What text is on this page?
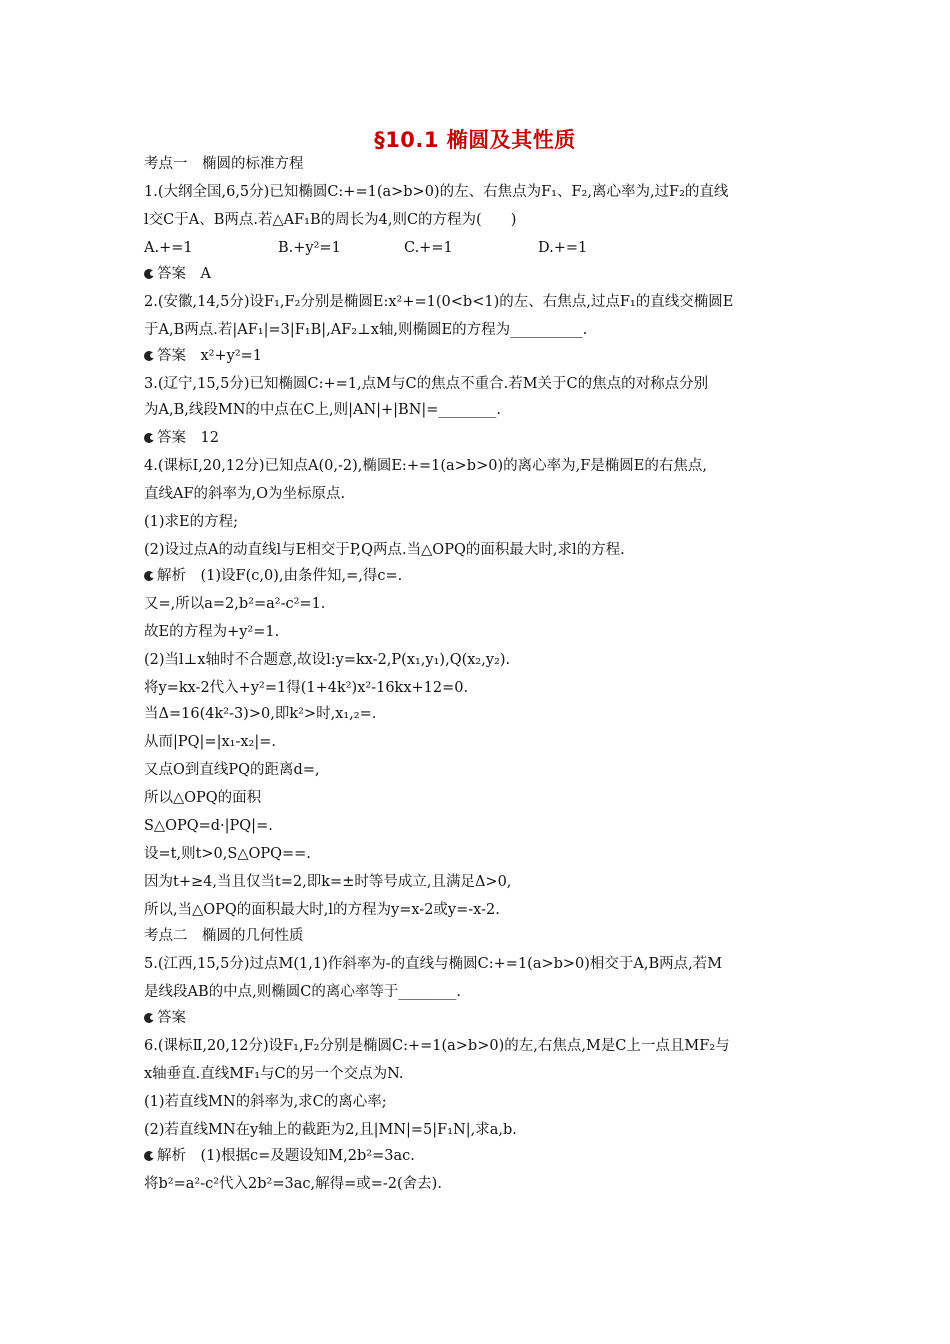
§10.1 椭圆及其性质
考点一　椭圆的标准方程
1.(大纲全国,6,5分)已知椭圆C:+=1(a>b>0)的左、右焦点为F₁、F₂,离心率为,过F₂的直线
l交C于A、B两点.若△AF₁B的周长为4,则C的方程为(　　)
A.+=1	B.+y²=1	C.+=1	D.+=1
答案　A
2.(安徽,14,5分)设F₁,F₂分别是椭圆E:x²+=1(0<b<1)的左、右焦点,过点F₁的直线交椭圆E
于A,B两点.若|AF₁|=3|F₁B|,AF₂⊥x轴,则椭圆E的方程为__________.
答案　x²+y²=1
3.(辽宁,15,5分)已知椭圆C:+=1,点M与C的焦点不重合.若M关于C的焦点的对称点分别
为A,B,线段MN的中点在C上,则|AN|+|BN|=________.
答案　12
4.(课标Ⅰ,20,12分)已知点A(0,-2),椭圆E:+=1(a>b>0)的离心率为,F是椭圆E的右焦点,
直线AF的斜率为,O为坐标原点.
(1)求E的方程;
(2)设过点A的动直线l与E相交于P,Q两点.当△OPQ的面积最大时,求l的方程.
解析　(1)设F(c,0),由条件知,=,得c=.
又=,所以a=2,b²=a²-c²=1.
故E的方程为+y²=1.
(2)当l⊥x轴时不合题意,故设l:y=kx-2,P(x₁,y₁),Q(x₂,y₂).
将y=kx-2代入+y²=1得(1+4k²)x²-16kx+12=0.
当Δ=16(4k²-3)>0,即k²>时,x₁,₂=.
从而|PQ|=|x₁-x₂|=.
又点O到直线PQ的距离d=,
所以△OPQ的面积
S△OPQ=d·|PQ|=.
设=t,则t>0,S△OPQ==.
因为t+≥4,当且仅当t=2,即k=±时等号成立,且满足Δ>0,
所以,当△OPQ的面积最大时,l的方程为y=x-2或y=-x-2.
考点二　椭圆的几何性质
5.(江西,15,5分)过点M(1,1)作斜率为-的直线与椭圆C:+=1(a>b>0)相交于A,B两点,若M
是线段AB的中点,则椭圆C的离心率等于________.
答案
6.(课标Ⅱ,20,12分)设F₁,F₂分别是椭圆C:+=1(a>b>0)的左,右焦点,M是C上一点且MF₂与
x轴垂直.直线MF₁与C的另一个交点为N.
(1)若直线MN的斜率为,求C的离心率;
(2)若直线MN在y轴上的截距为2,且|MN|=5|F₁N|,求a,b.
解析　(1)根据c=及题设知M,2b²=3ac.
将b²=a²-c²代入2b²=3ac,解得=或=-2(舍去).
